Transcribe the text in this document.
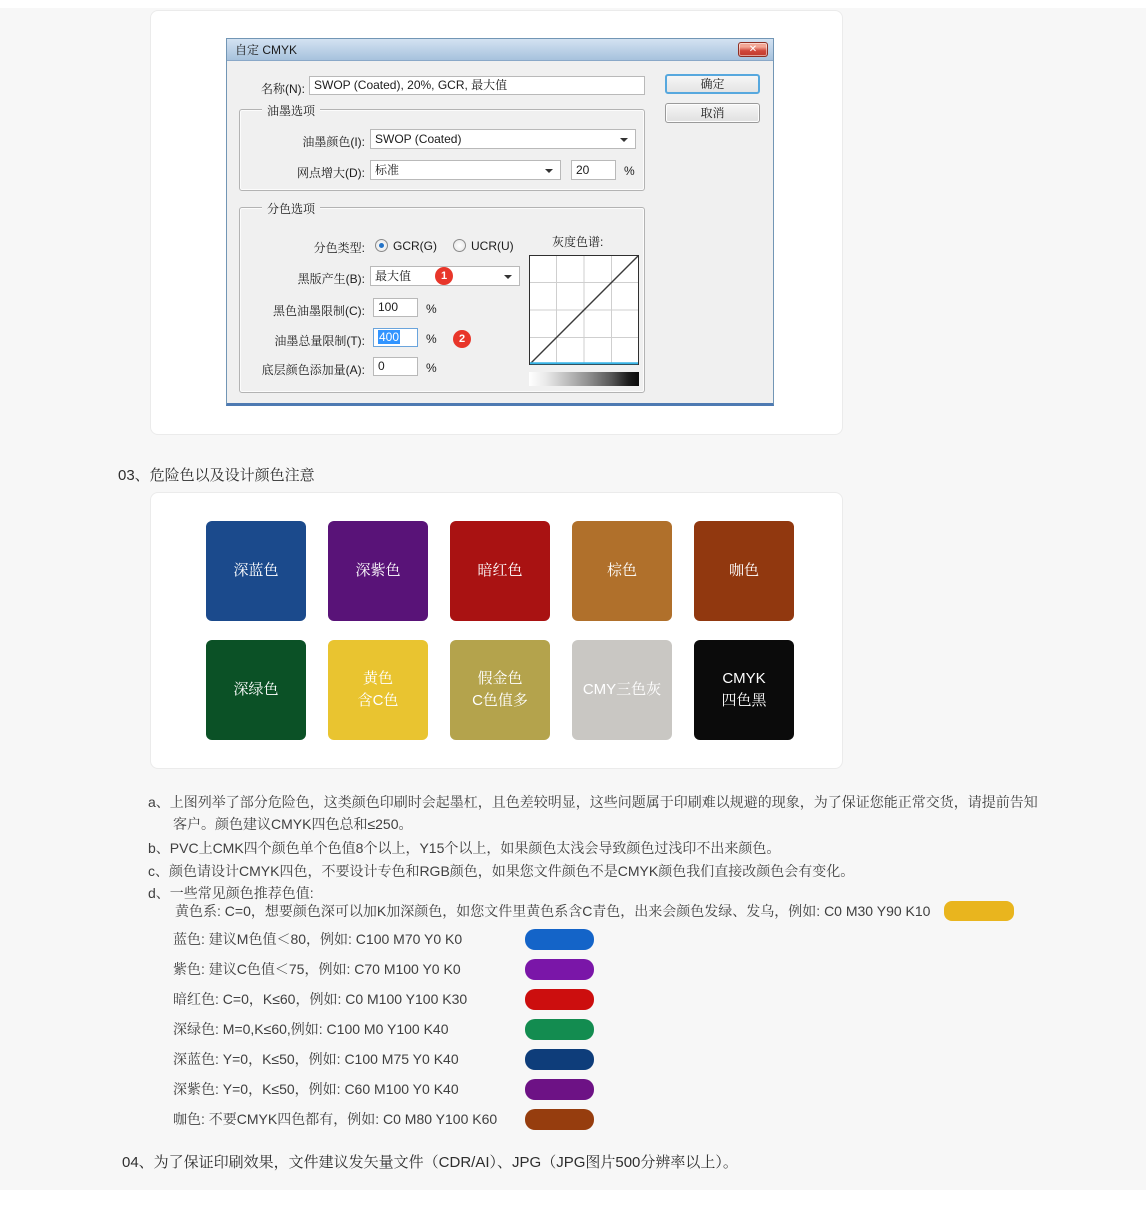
自定 CMYK	✕
名称(N): SWOP (Coated), 20%, GCR, 最大值	确定
取消
油墨选项
油墨颜色(I): SWOP (Coated)
网点增大(D): 标准	20	%
分色选项
分色类型: GCR(G)	UCR(U)
黑版产生(B): 最大值	1
黑色油墨限制(C):	100	%
油墨总量限制(T):	400	%	2
底层颜色添加量(A):	0	%
灰度色谱:
03、危险色以及设计颜色注意
深蓝色	深紫色	暗红色	棕色	咖色
深绿色
黄色
含C色
假金色
C色值多
CMY三色灰
CMYK
四色黑
a、上图列举了部分危险色，这类颜色印刷时会起墨杠，且色差较明显，这些问题属于印刷难以规避的现象，为了保证您能正常交货，请提前告知客户。颜色建议CMYK四色总和≤250。
b、PVC上CMK四个颜色单个色值8个以上，Y15个以上，如果颜色太浅会导致颜色过浅印不出来颜色。
c、颜色请设计CMYK四色，不要设计专色和RGB颜色，如果您文件颜色不是CMYK颜色我们直接改颜色会有变化。
d、一些常见颜色推荐色值:
黄色系: C=0，想要颜色深可以加K加深颜色，如您文件里黄色系含C青色，出来会颜色发绿、发乌，例如: C0 M30 Y90 K10
蓝色: 建议M色值＜80，例如: C100 M70 Y0 K0
紫色: 建议C色值＜75，例如: C70 M100 Y0 K0
暗红色: C=0，K≤60，例如: C0 M100 Y100 K30
深绿色: M=0,K≤60,例如: C100 M0 Y100 K40
深蓝色: Y=0，K≤50，例如: C100 M75 Y0 K40
深紫色: Y=0，K≤50，例如: C60 M100 Y0 K40
咖色: 不要CMYK四色都有，例如: C0 M80 Y100 K60
04、为了保证印刷效果，文件建议发矢量文件（CDR/AI）、JPG（JPG图片500分辨率以上）。
